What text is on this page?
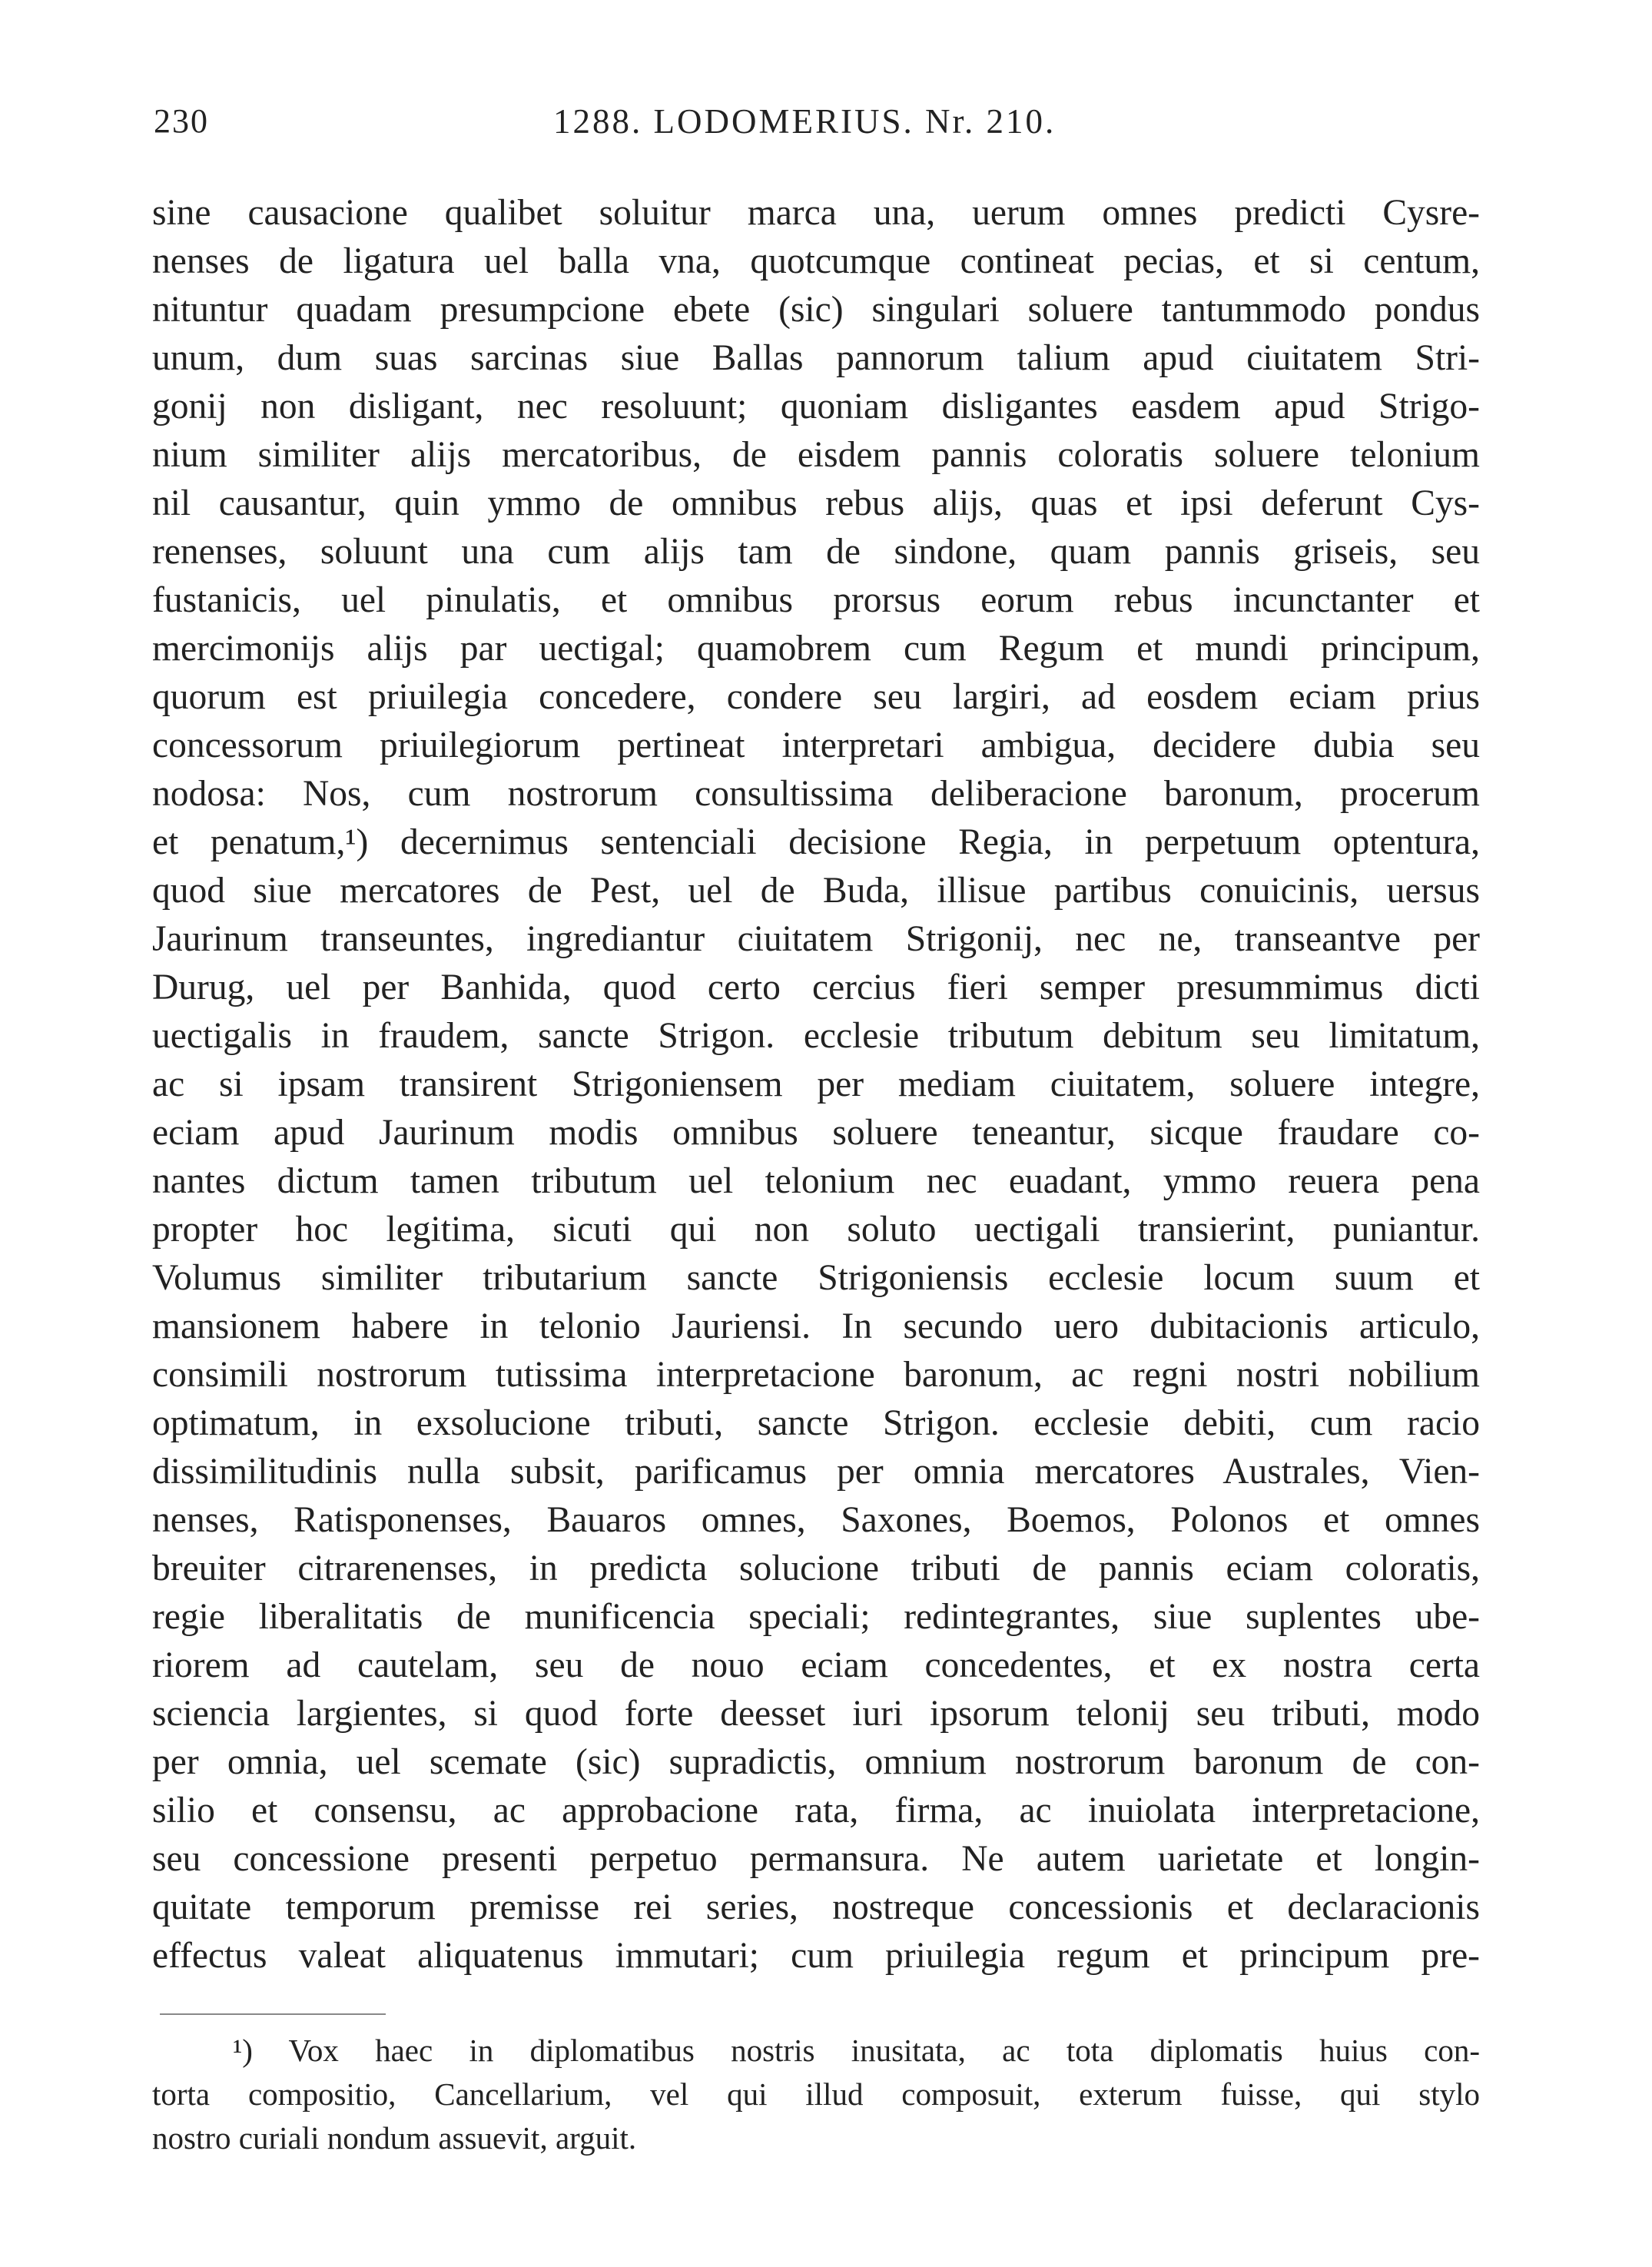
230	1288. LODOMERIUS. Nr. 210.
sine causacione qualibet soluitur marca una, uerum omnes predicti Cysre-
nenses de ligatura uel balla vna, quotcumque contineat pecias, et si centum,
nituntur quadam presumpcione ebete (sic) singulari soluere tantummodo pondus
unum, dum suas sarcinas siue Ballas pannorum talium apud ciuitatem Stri-
gonij non disligant, nec resoluunt; quoniam disligantes easdem apud Strigo-
nium similiter alijs mercatoribus, de eisdem pannis coloratis soluere telonium
nil causantur, quin ymmo de omnibus rebus alijs, quas et ipsi deferunt Cys-
renenses, soluunt una cum alijs tam de sindone, quam pannis griseis, seu
fustanicis, uel pinulatis, et omnibus prorsus eorum rebus incunctanter et
mercimonijs alijs par uectigal; quamobrem cum Regum et mundi principum,
quorum est priuilegia concedere, condere seu largiri, ad eosdem eciam prius
concessorum priuilegiorum pertineat interpretari ambigua, decidere dubia seu
nodosa: Nos, cum nostrorum consultissima deliberacione baronum, procerum
et penatum,¹) decernimus sentenciali decisione Regia, in perpetuum optentura,
quod siue mercatores de Pest, uel de Buda, illisue partibus conuicinis, uersus
Jaurinum transeuntes, ingrediantur ciuitatem Strigonij, nec ne, transeantve per
Durug, uel per Banhida, quod certo cercius fieri semper presummimus dicti
uectigalis in fraudem, sancte Strigon. ecclesie tributum debitum seu limitatum,
ac si ipsam transirent Strigoniensem per mediam ciuitatem, soluere integre,
eciam apud Jaurinum modis omnibus soluere teneantur, sicque fraudare co-
nantes dictum tamen tributum uel telonium nec euadant, ymmo reuera pena
propter hoc legitima, sicuti qui non soluto uectigali transierint, puniantur.
Volumus similiter tributarium sancte Strigoniensis ecclesie locum suum et
mansionem habere in telonio Jauriensi. In secundo uero dubitacionis articulo,
consimili nostrorum tutissima interpretacione baronum, ac regni nostri nobilium
optimatum, in exsolucione tributi, sancte Strigon. ecclesie debiti, cum racio
dissimilitudinis nulla subsit, parificamus per omnia mercatores Australes, Vien-
nenses, Ratisponenses, Bauaros omnes, Saxones, Boemos, Polonos et omnes
breuiter citrarenenses, in predicta solucione tributi de pannis eciam coloratis,
regie liberalitatis de munificencia speciali; redintegrantes, siue suplentes ube-
riorem ad cautelam, seu de nouo eciam concedentes, et ex nostra certa
sciencia largientes, si quod forte deesset iuri ipsorum telonij seu tributi, modo
per omnia, uel scemate (sic) supradictis, omnium nostrorum baronum de con-
silio et consensu, ac approbacione rata, firma, ac inuiolata interpretacione,
seu concessione presenti perpetuo permansura. Ne autem uarietate et longin-
quitate temporum premisse rei series, nostreque concessionis et declaracionis
effectus valeat aliquatenus immutari; cum priuilegia regum et principum pre-
¹) Vox haec in diplomatibus nostris inusitata, ac tota diplomatis huius con-
torta compositio, Cancellarium, vel qui illud composuit, exterum fuisse, qui stylo
nostro curiali nondum assuevit, arguit.
